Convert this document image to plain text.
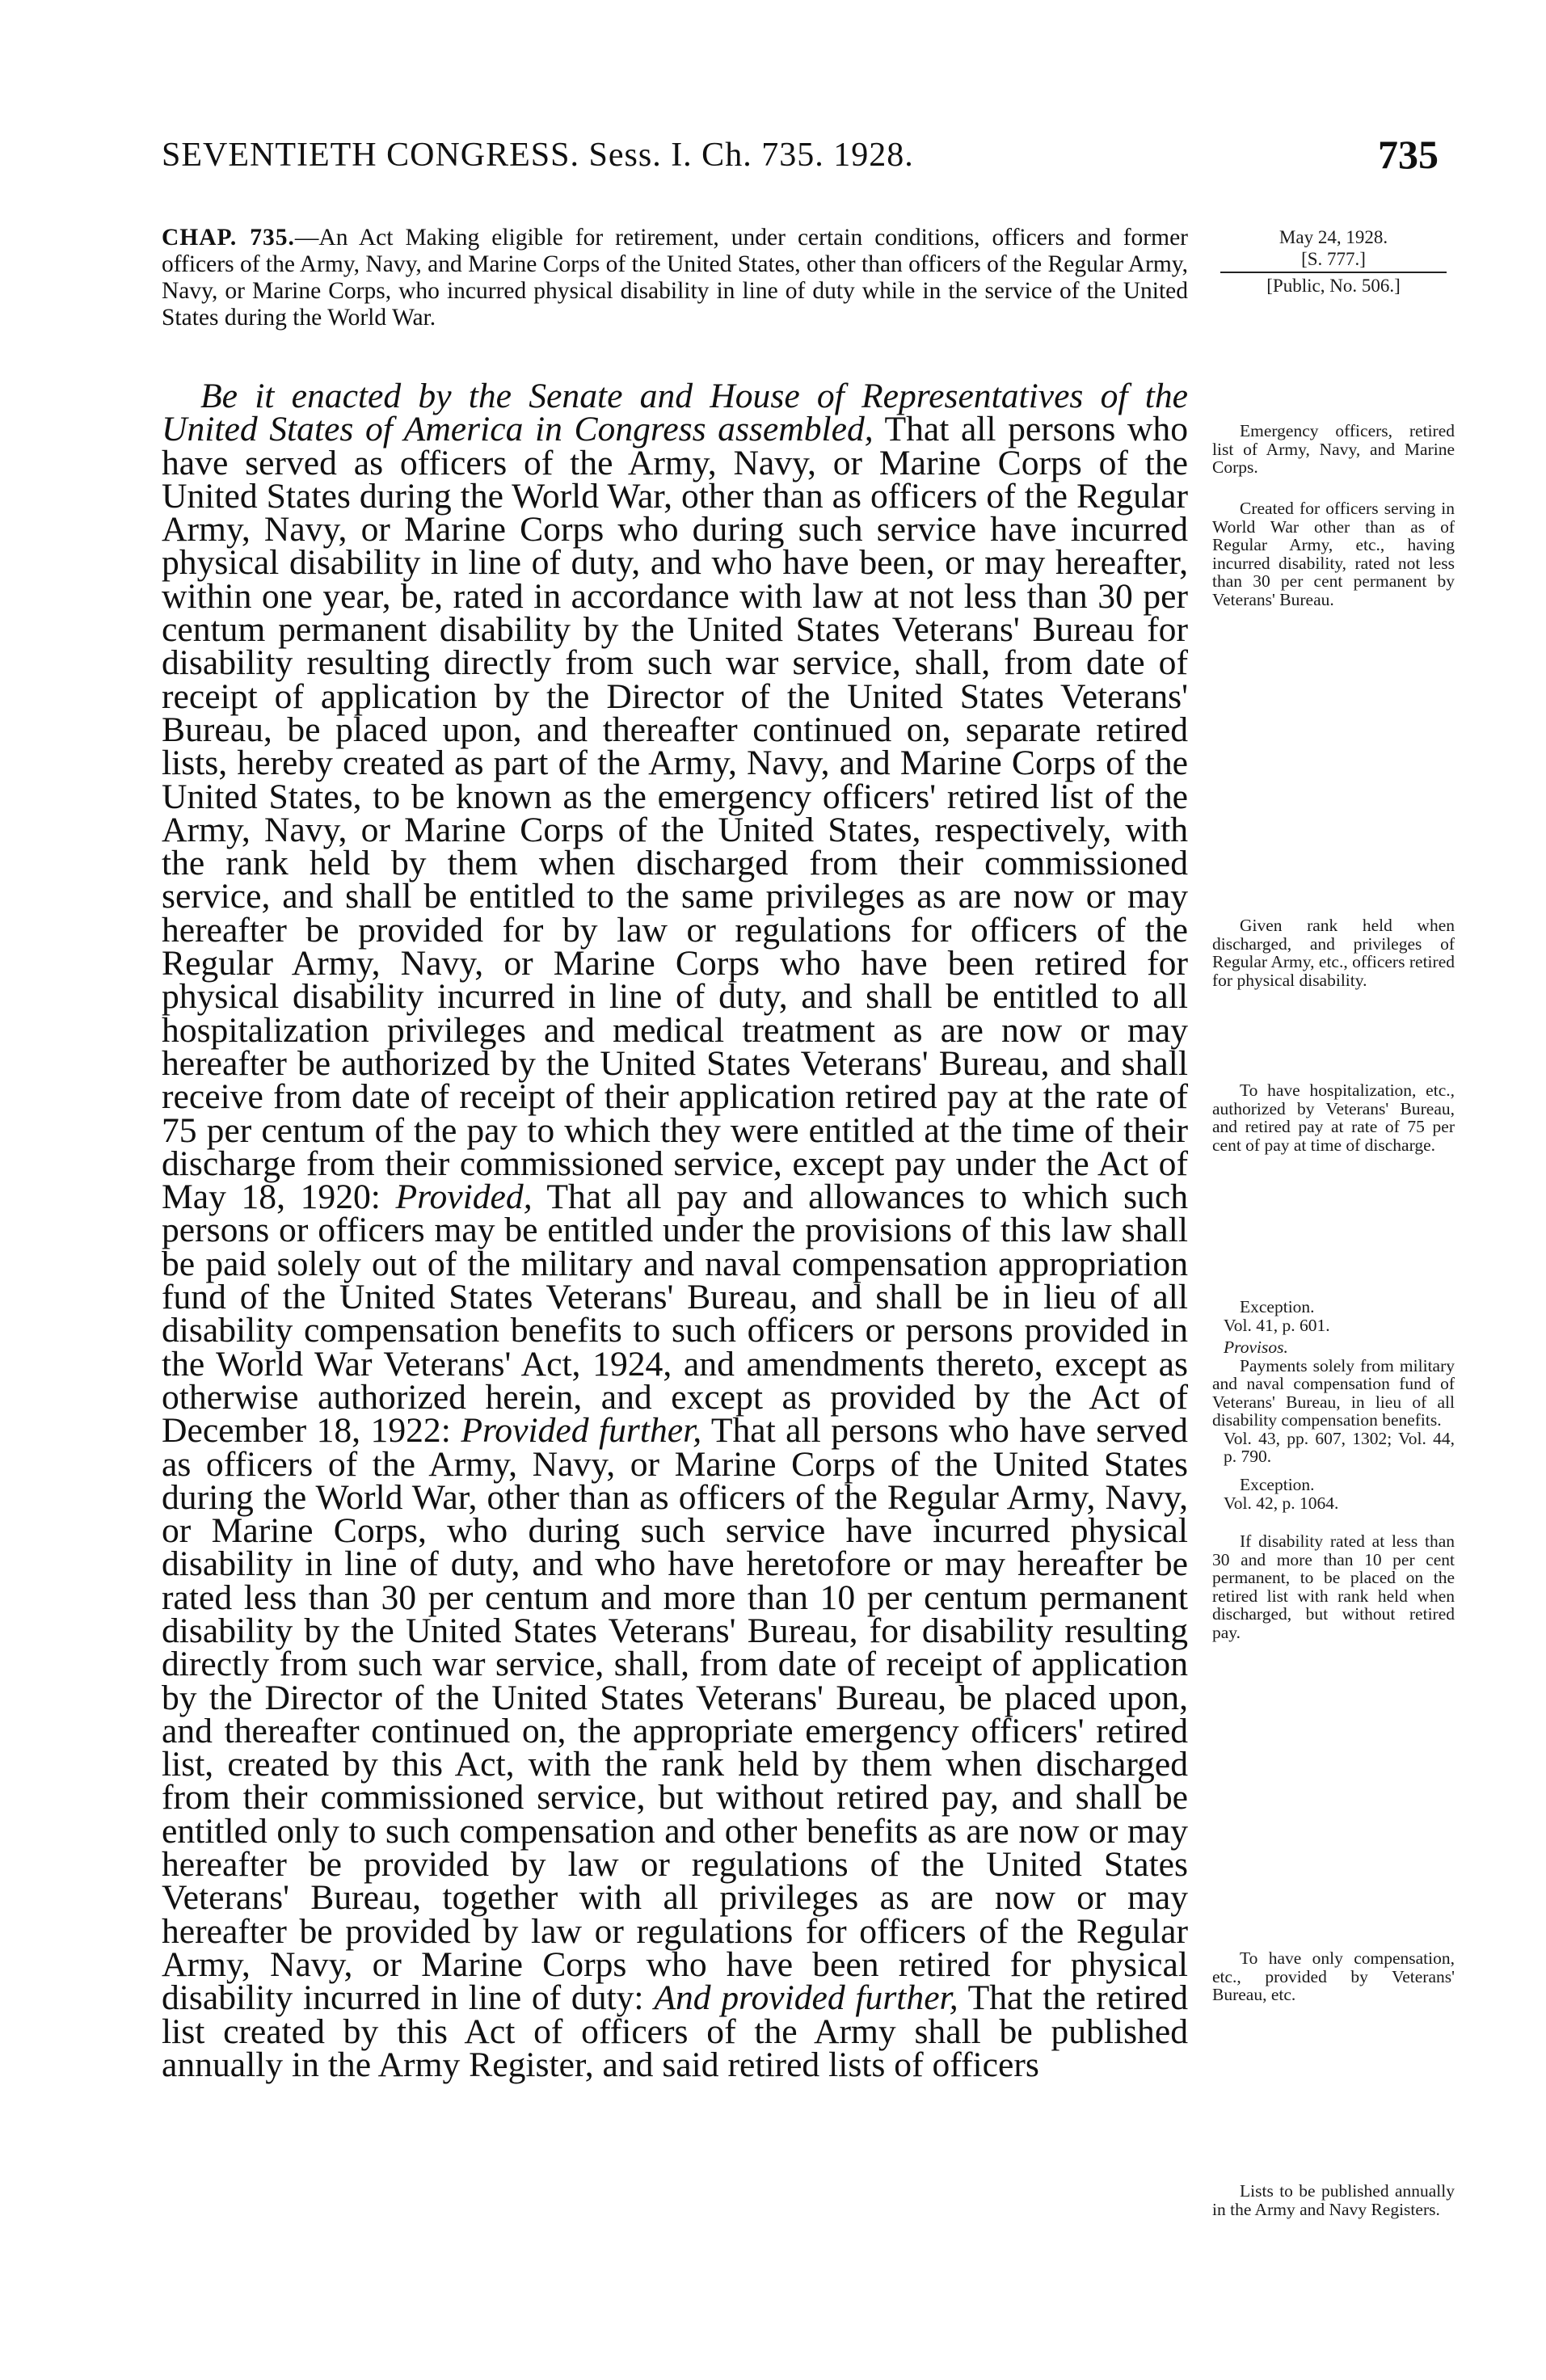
SEVENTIETH CONGRESS. Sess. I. Ch. 735. 1928.	735
CHAP. 735.—An Act Making eligible for retirement, under certain conditions, officers and former officers of the Army, Navy, and Marine Corps of the United States, other than officers of the Regular Army, Navy, or Marine Corps, who incurred physical disability in line of duty while in the service of the United States during the World War.
May 24, 1928.
[S. 777.]
[Public, No. 506.]

Be it enacted by the Senate and House of Representatives of the United States of America in Congress assembled, That all persons who have served as officers of the Army, Navy, or Marine Corps of the United States during the World War, other than as officers of the Regular Army, Navy, or Marine Corps who during such service have incurred physical disability in line of duty, and who have been, or may hereafter, within one year, be, rated in accordance with law at not less than 30 per centum permanent disability by the United States Veterans' Bureau for disability resulting directly from such war service, shall, from date of receipt of application by the Director of the United States Veterans' Bureau, be placed upon, and thereafter continued on, separate retired lists, hereby created as part of the Army, Navy, and Marine Corps of the United States, to be known as the emergency officers' retired list of the Army, Navy, or Marine Corps of the United States, respectively, with the rank held by them when discharged from their commissioned service, and shall be entitled to the same privileges as are now or may hereafter be provided for by law or regulations for officers of the Regular Army, Navy, or Marine Corps who have been retired for physical disability incurred in line of duty, and shall be entitled to all hospitalization privileges and medical treatment as are now or may hereafter be authorized by the United States Veterans' Bureau, and shall receive from date of receipt of their application retired pay at the rate of 75 per centum of the pay to which they were entitled at the time of their discharge from their commissioned service, except pay under the Act of May 18, 1920: Provided, That all pay and allowances to which such persons or officers may be entitled under the provisions of this law shall be paid solely out of the military and naval compensation appropriation fund of the United States Veterans' Bureau, and shall be in lieu of all disability compensation benefits to such officers or persons provided in the World War Veterans' Act, 1924, and amendments thereto, except as otherwise authorized herein, and except as provided by the Act of December 18, 1922: Provided further, That all persons who have served as officers of the Army, Navy, or Marine Corps of the United States during the World War, other than as officers of the Regular Army, Navy, or Marine Corps, who during such service have incurred physical disability in line of duty, and who have heretofore or may hereafter be rated less than 30 per centum and more than 10 per centum permanent disability by the United States Veterans' Bureau, for disability resulting directly from such war service, shall, from date of receipt of application by the Director of the United States Veterans' Bureau, be placed upon, and thereafter continued on, the appropriate emergency officers' retired list, created by this Act, with the rank held by them when discharged from their commissioned service, but without retired pay, and shall be entitled only to such compensation and other benefits as are now or may hereafter be provided by law or regulations of the United States Veterans' Bureau, together with all privileges as are now or may hereafter be provided by law or regulations for officers of the Regular Army, Navy, or Marine Corps who have been retired for physical disability incurred in line of duty: And provided further, That the retired list created by this Act of officers of the Army shall be published annually in the Army Register, and said retired lists of officers

Emergency officers, retired list of Army, Navy, and Marine Corps.
Created for officers serving in World War other than as of Regular Army, etc., having incurred disability, rated not less than 30 per cent permanent by Veterans' Bureau.
Given rank held when discharged, and privileges of Regular Army, etc., officers retired for physical disability.
To have hospitalization, etc., authorized by Veterans' Bureau, and retired pay at rate of 75 per cent of pay at time of discharge.
Exception.
Vol. 41, p. 601.
Provisos.
Payments solely from military and naval compensation fund of Veterans' Bureau, in lieu of all disability compensation benefits.
Vol. 43, pp. 607, 1302; Vol. 44, p. 790.
Exception.
Vol. 42, p. 1064.
If disability rated at less than 30 and more than 10 per cent permanent, to be placed on the retired list with rank held when discharged, but without retired pay.
To have only compensation, etc., provided by Veterans' Bureau, etc.
Lists to be published annually in the Army and Navy Registers.
